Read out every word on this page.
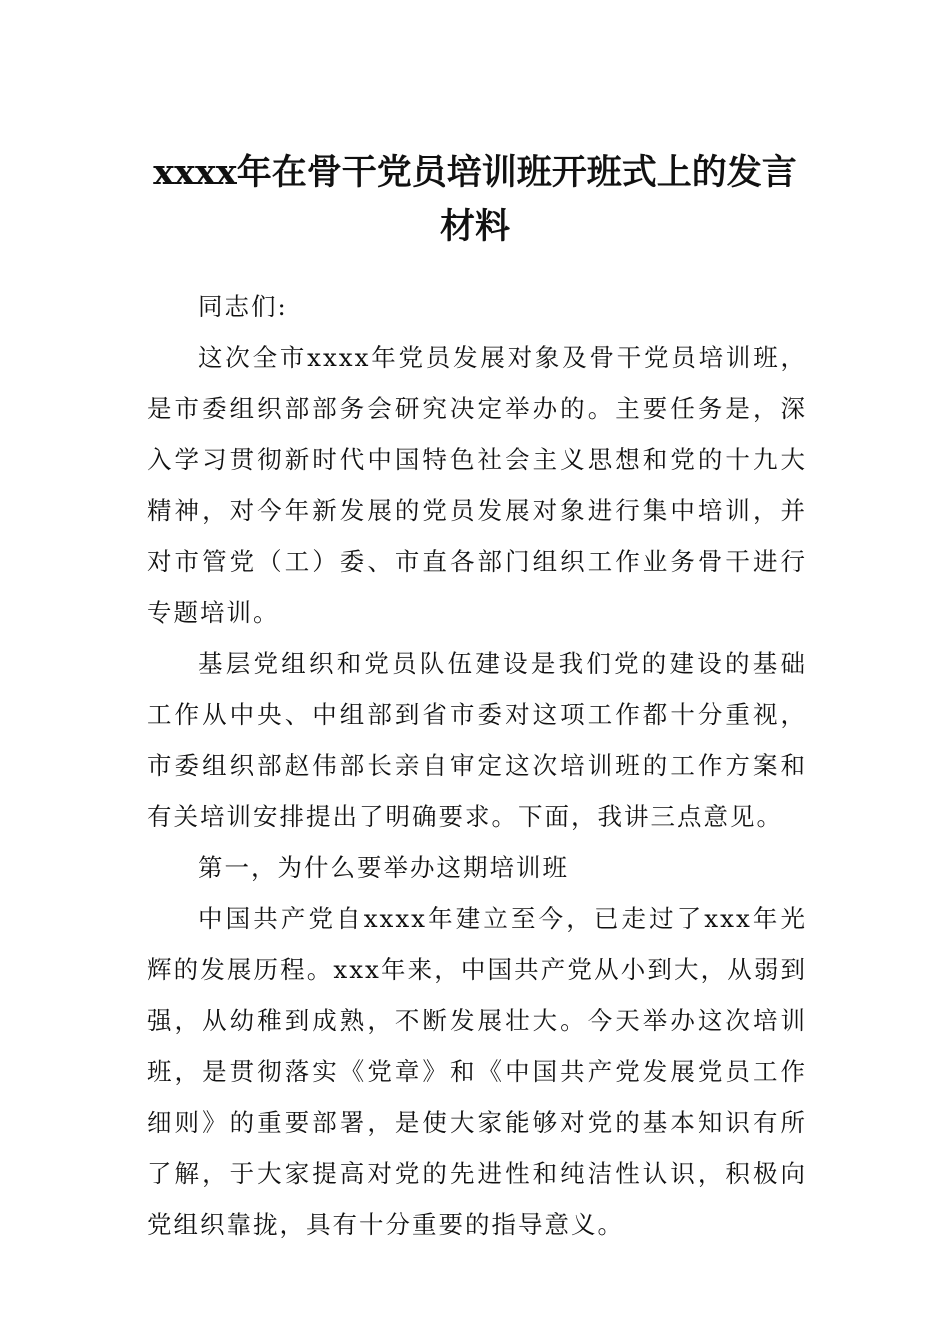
xxxx年在骨干党员培训班开班式上的发言
材料

同志们:

这次全市xxxx年党员发展对象及骨干党员培训班，是市委组织部部务会研究决定举办的。主要任务是，深入学习贯彻新时代中国特色社会主义思想和党的十九大精神，对今年新发展的党员发展对象进行集中培训，并对市管党（工）委、市直各部门组织工作业务骨干进行专题培训。

基层党组织和党员队伍建设是我们党的建设的基础工作从中央、中组部到省市委对这项工作都十分重视，市委组织部赵伟部长亲自审定这次培训班的工作方案和有关培训安排提出了明确要求。下面，我讲三点意见。

第一，为什么要举办这期培训班

中国共产党自xxxx年建立至今，已走过了xxx年光辉的发展历程。xxx年来，中国共产党从小到大，从弱到强，从幼稚到成熟，不断发展壮大。今天举办这次培训班，是贯彻落实《党章》和《中国共产党发展党员工作细则》的重要部署，是使大家能够对党的基本知识有所了解，于大家提高对党的先进性和纯洁性认识，积极向党组织靠拢，具有十分重要的指导意义。
